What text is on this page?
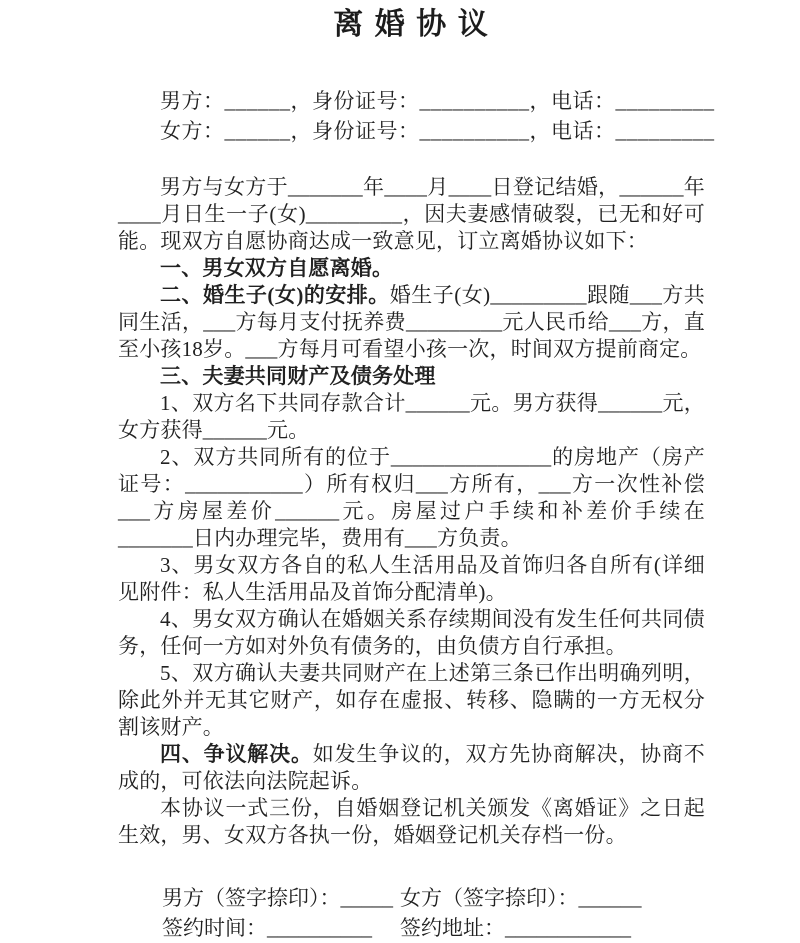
离 婚 协 议

男方：______，身份证号：__________，电话：_________

女方：______，身份证号：__________，电话：_________

男方与女方于_______年____月____日登记结婚，______年____月日生一子(女)_________，因夫妻感情破裂，已无和好可能。现双方自愿协商达成一致意见，订立离婚协议如下：

一、男女双方自愿离婚。

二、婚生子(女)的安排。婚生子(女)_________跟随___方共同生活，___方每月支付抚养费_________元人民币给___方，直至小孩18岁。___方每月可看望小孩一次，时间双方提前商定。

三、夫妻共同财产及债务处理

1、双方名下共同存款合计______元。男方获得______元，女方获得______元。

2、双方共同所有的位于_______________的房地产（房产证号：___________）所有权归___方所有，___方一次性补偿___方房屋差价______元。房屋过户手续和补差价手续在_______日内办理完毕，费用有___方负责。

3、男女双方各自的私人生活用品及首饰归各自所有(详细见附件：私人生活用品及首饰分配清单)。

4、男女双方确认在婚姻关系存续期间没有发生任何共同债务，任何一方如对外负有债务的，由负债方自行承担。

5、双方确认夫妻共同财产在上述第三条已作出明确列明，除此外并无其它财产，如存在虚报、转移、隐瞒的一方无权分割该财产。

四、争议解决。如发生争议的，双方先协商解决，协商不成的，可依法向法院起诉。

本协议一式三份，自婚姻登记机关颁发《离婚证》之日起生效，男、女双方各执一份，婚姻登记机关存档一份。

男方（签字捺印）：_____ 女方（签字捺印）：______
签约时间：__________	签约地址：____________
